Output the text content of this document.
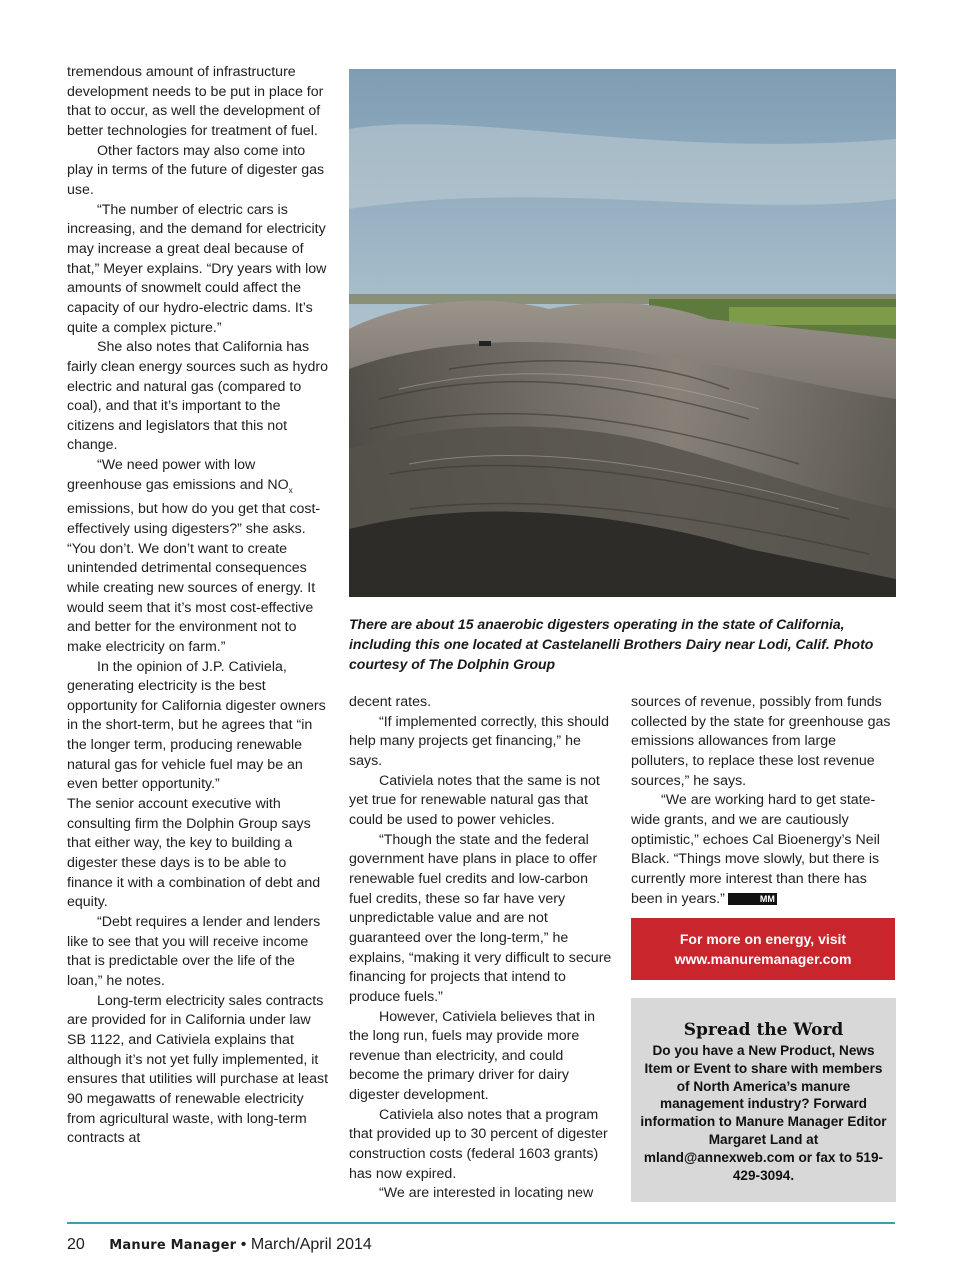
tremendous amount of infrastructure development needs to be put in place for that to occur, as well the development of better technologies for treatment of fuel.

Other factors may also come into play in terms of the future of digester gas use.

“The number of electric cars is increasing, and the demand for electricity may increase a great deal because of that,” Meyer explains. “Dry years with low amounts of snowmelt could affect the capacity of our hydro-electric dams. It’s quite a complex picture.”

She also notes that California has fairly clean energy sources such as hydro electric and natural gas (compared to coal), and that it’s important to the citizens and legislators that this not change.

“We need power with low greenhouse gas emissions and $NO_x$ emissions, but how do you get that cost-effectively using digesters?” she asks. “You don’t. We don’t want to create unintended detrimental consequences while creating new sources of energy. It would seem that it’s most cost-effective and better for the environment not to make electricity on farm.”

In the opinion of J.P. Cativiela, generating electricity is the best opportunity for California digester owners in the short-term, but he agrees that “in the longer term, producing renewable natural gas for vehicle fuel may be an even better opportunity.”

The senior account executive with consulting firm the Dolphin Group says that either way, the key to building a digester these days is to be able to finance it with a combination of debt and equity.

“Debt requires a lender and lenders like to see that you will receive income that is predictable over the life of the loan,” he notes.

Long-term electricity sales contracts are provided for in California under law SB 1122, and Cativiela explains that although it’s not yet fully implemented, it ensures that utilities will purchase at least 90 megawatts of renewable electricity from agricultural waste, with long-term contracts at

There are about 15 anaerobic digesters operating in the state of California, including this one located at Castelanelli Brothers Dairy near Lodi, Calif. Photo courtesy of The Dolphin Group

decent rates.

“If implemented correctly, this should help many projects get financing,” he says.

Cativiela notes that the same is not yet true for renewable natural gas that could be used to power vehicles.

“Though the state and the federal government have plans in place to offer renewable fuel credits and low-carbon fuel credits, these so far have very unpredictable value and are not guaranteed over the long-term,” he explains, “making it very difficult to secure financing for projects that intend to produce fuels.”

However, Cativiela believes that in the long run, fuels may provide more revenue than electricity, and could become the primary driver for dairy digester development.

Cativiela also notes that a program that provided up to 30 percent of digester construction costs (federal 1603 grants) has now expired.

“We are interested in locating new

sources of revenue, possibly from funds collected by the state for greenhouse gas emissions allowances from large polluters, to replace these lost revenue sources,” he says.

“We are working hard to get state-wide grants, and we are cautiously optimistic,” echoes Cal Bioenergy’s Neil Black. “Things move slowly, but there is currently more interest than there has been in years.”	MM

For more on energy, visit
www.manuremanager.com
Spread the Word
Do you have a New Product, News Item or Event to share with members of North America’s manure management industry? Forward information to Manure Manager Editor Margaret Land at mland@annexweb.com or fax to 519-429-3094.
20 Manure Manager • March/April 2014
